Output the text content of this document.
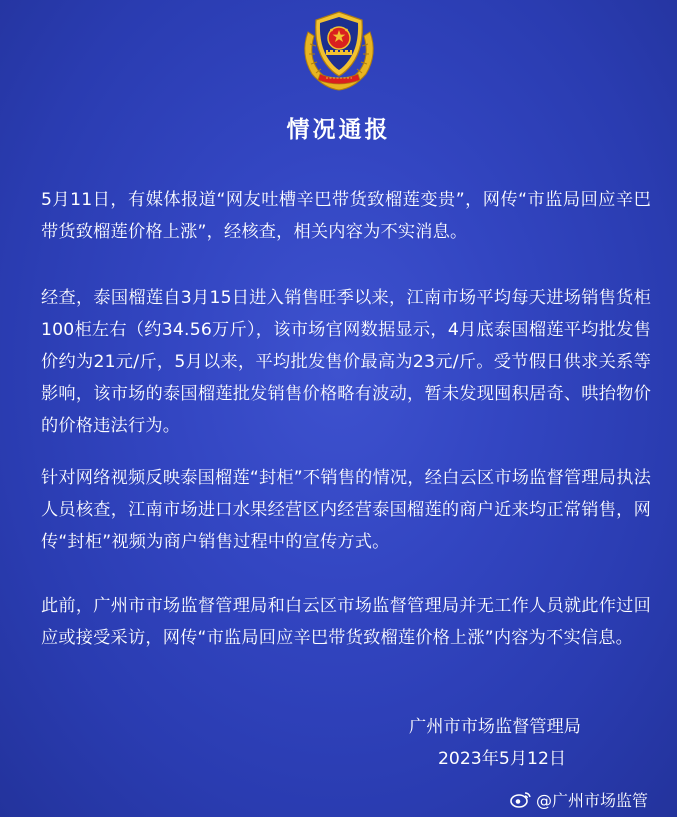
情况通报

5月11日，有媒体报道“网友吐槽辛巴带货致榴莲变贵”，网传“市监局回应辛巴带货致榴莲价格上涨”，经核查，相关内容为不实消息。

经查，泰国榴莲自3月15日进入销售旺季以来，江南市场平均每天进场销售货柜100柜左右（约34.56万斤），该市场官网数据显示，4月底泰国榴莲平均批发售价约为21元/斤，5月以来，平均批发售价最高为23元/斤。受节假日供求关系等影响，该市场的泰国榴莲批发销售价格略有波动，暂未发现囤积居奇、哄抬物价的价格违法行为。

针对网络视频反映泰国榴莲“封柜”不销售的情况，经白云区市场监督管理局执法人员核查，江南市场进口水果经营区内经营泰国榴莲的商户近来均正常销售，网传“封柜”视频为商户销售过程中的宣传方式。

此前，广州市市场监督管理局和白云区市场监督管理局并无工作人员就此作过回应或接受采访，网传“市监局回应辛巴带货致榴莲价格上涨”内容为不实信息。

广州市市场监督管理局
2023年5月12日
@广州市场监管
